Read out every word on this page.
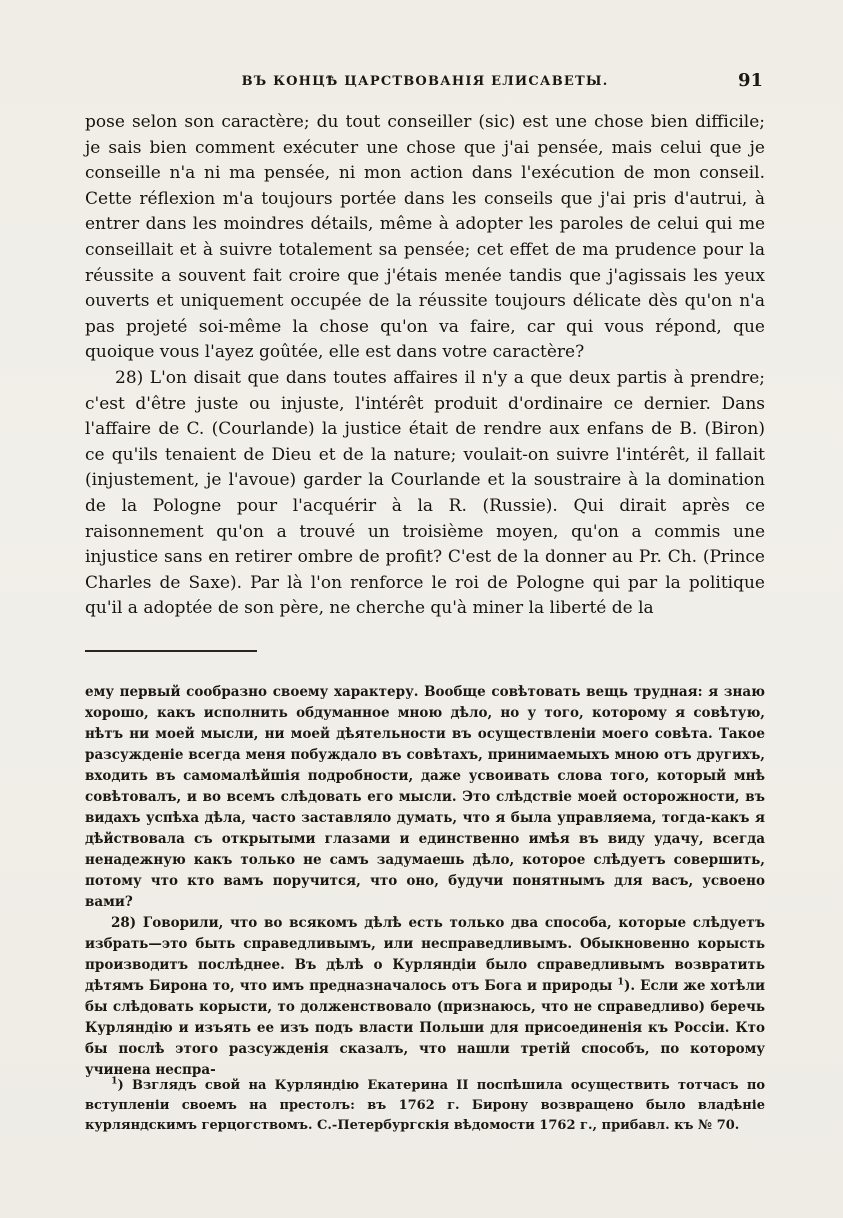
ВЪ КОНЦѢ ЦАРСТВОВАНІЯ ЕЛИСАВЕТЫ.	91

pose selon son caractère; du tout conseiller (sic) est une chose bien difficile; je sais bien comment exécuter une chose que j'ai pensée, mais celui que je conseille n'a ni ma pensée, ni mon action dans l'exécution de mon conseil. Cette réflexion m'a toujours portée dans les conseils que j'ai pris d'autrui, à entrer dans les moindres détails, même à adopter les paroles de celui qui me conseillait et à suivre totalement sa pensée; cet effet de ma prudence pour la réussite a souvent fait croire que j'étais menée tandis que j'agissais les yeux ouverts et uniquement occupée de la réussite toujours délicate dès qu'on n'a pas projeté soi-même la chose qu'on va faire, car qui vous répond, que quoique vous l'ayez goûtée, elle est dans votre caractère?

28) L'on disait que dans toutes affaires il n'y a que deux partis à prendre; c'est d'être juste ou injuste, l'intérêt produit d'ordinaire ce dernier. Dans l'affaire de C. (Courlande) la justice était de rendre aux enfans de B. (Biron) ce qu'ils tenaient de Dieu et de la nature; voulait-on suivre l'intérêt, il fallait (injustement, je l'avoue) garder la Courlande et la soustraire à la domination de la Pologne pour l'acquérir à la R. (Russie). Qui dirait après ce raisonnement qu'on a trouvé un troisième moyen, qu'on a commis une injustice sans en retirer ombre de profit? C'est de la donner au Pr. Ch. (Prince Charles de Saxe). Par là l'on renforce le roi de Pologne qui par la politique qu'il a adoptée de son père, ne cherche qu'à miner la liberté de la

ему первый сообразно своему характеру. Вообще совѣтовать вещь трудная: я знаю хорошо, какъ исполнить обдуманное мною дѣло, но у того, которому я совѣтую, нѣтъ ни моей мысли, ни моей дѣятельности въ осуществленіи моего совѣта. Такое разсужденіе всегда меня побуждало въ совѣтахъ, принимаемыхъ мною отъ другихъ, входить въ самомалѣйшія подробности, даже усвоивать слова того, который мнѣ совѣтовалъ, и во всемъ слѣдовать его мысли. Это слѣдствіе моей осторожности, въ видахъ успѣха дѣла, часто заставляло думать, что я была управляема, тогда-какъ я дѣйствовала съ открытыми глазами и единственно имѣя въ виду удачу, всегда ненадежную какъ только не самъ задумаешь дѣло, которое слѣдуетъ совершить, потому что кто вамъ поручится, что оно, будучи понятнымъ для васъ, усвоено вами?

28) Говорили, что во всякомъ дѣлѣ есть только два способа, которые слѣдуетъ избрать—это быть справедливымъ, или несправедливымъ. Обыкновенно корысть производитъ послѣднее. Въ дѣлѣ о Курляндіи было справедливымъ возвратить дѣтямъ Бирона то, что имъ предназначалось отъ Бога и природы $^1$). Если же хотѣли бы слѣдовать корысти, то долженствовало (признаюсь, что не справедливо) беречь Курляндію и изъять ее изъ подъ власти Польши для присоединенія къ Россіи. Кто бы послѣ этого разсужденія сказалъ, что нашли третій способъ, по которому учинена неспра-

$^1$) Взглядъ свой на Курляндію Екатерина II поспѣшила осуществить тотчасъ по вступленіи своемъ на престолъ: въ 1762 г. Бирону возвращено было владѣніе курляндскимъ герцогствомъ. С.-Петербургскія вѣдомости 1762 г., прибавл. къ № 70.
